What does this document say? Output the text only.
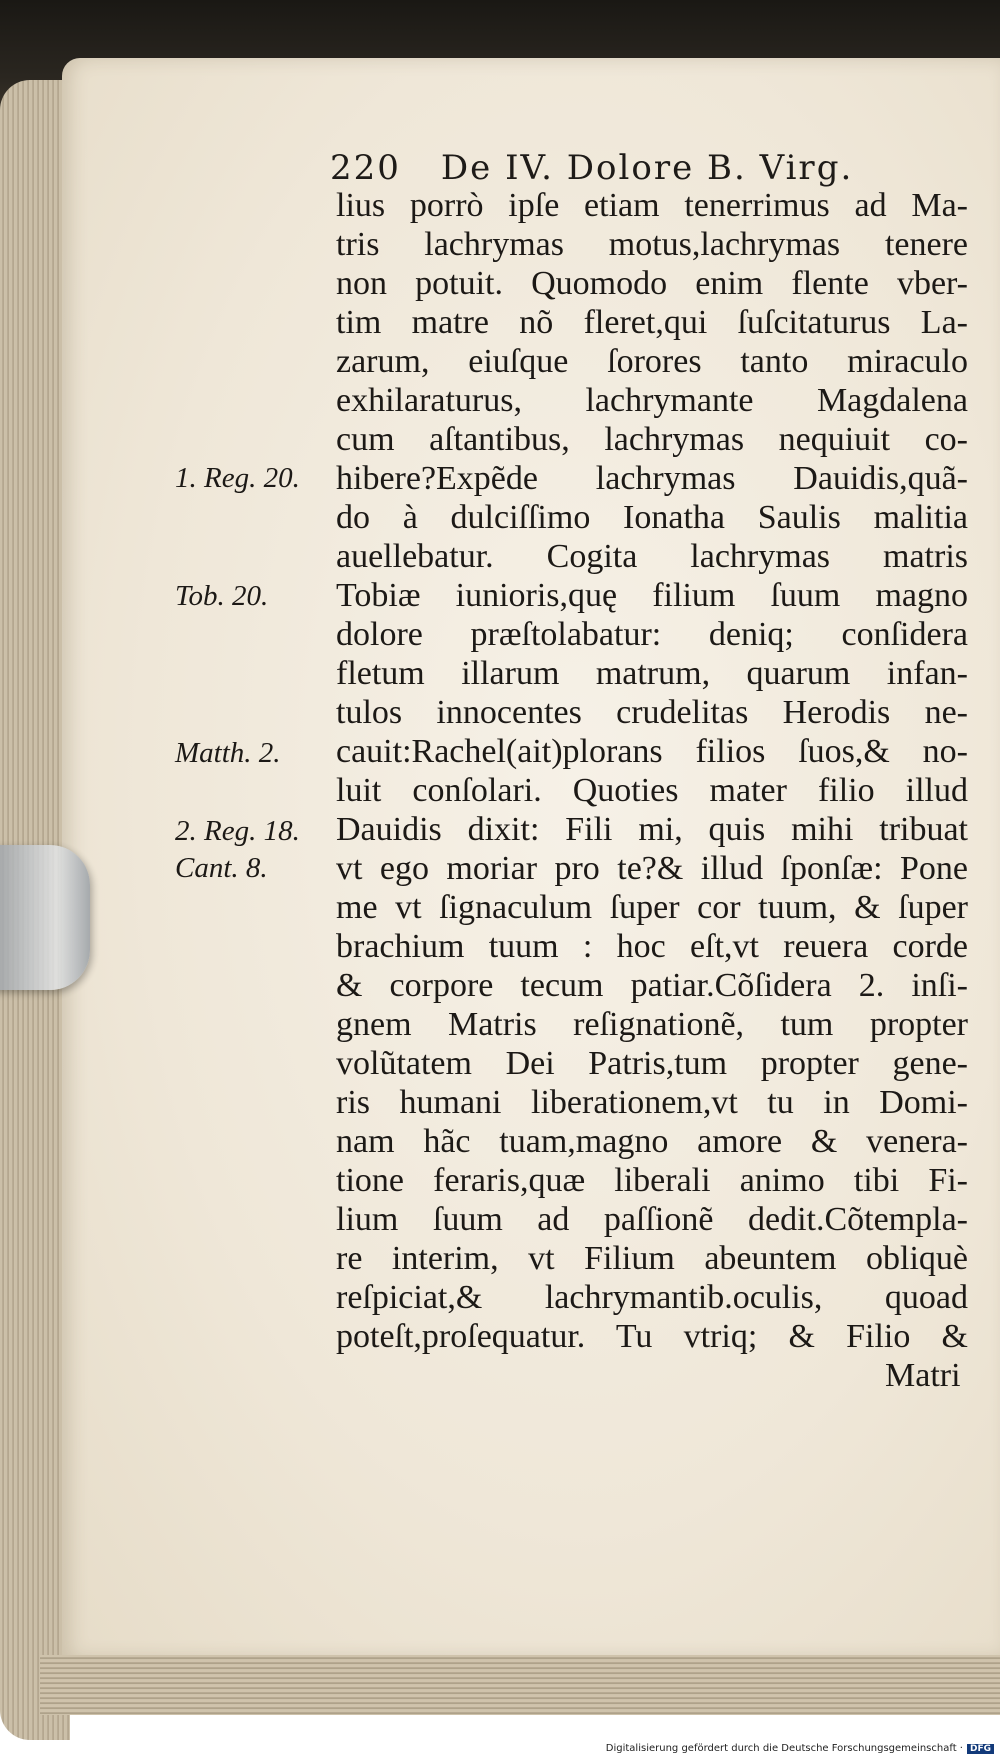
220 De IV. Dolore B. Virg.
lius porrò ipſe etiam tenerrimus ad Ma-
tris lachrymas motus,lachrymas tenere
non potuit. Quomodo enim flente vber-
tim matre nõ fleret,qui ſuſcitaturus La-
zarum, eiuſque ſorores tanto miraculo
exhilaraturus, lachrymante Magdalena
cum aſtantibus, lachrymas nequiuit co-
hibere?Expẽde lachrymas Dauidis,quã-
do à dulciſſimo Ionatha Saulis malitia
auellebatur. Cogita lachrymas matris
Tobiæ iunioris,quę filium ſuum magno
dolore præſtolabatur: deniq; conſidera
fletum illarum matrum, quarum infan-
tulos innocentes crudelitas Herodis ne-
cauit:Rachel(ait)plorans filios ſuos,& no-
luit conſolari. Quoties mater filio illud
Dauidis dixit: Fili mi, quis mihi tribuat
vt ego moriar pro te?& illud ſponſæ: Pone
me vt ſignaculum ſuper cor tuum, & ſuper
brachium tuum : hoc eſt,vt reuera corde
& corpore tecum patiar.Cõſidera 2. inſi-
gnem Matris reſignationẽ, tum propter
volũtatem Dei Patris,tum propter gene-
ris humani liberationem,vt tu in Domi-
nam hãc tuam,magno amore & venera-
tione feraris,quæ liberali animo tibi Fi-
lium ſuum ad paſſionẽ dedit.Cõtempla-
re interim, vt Filium abeuntem obliquè
reſpiciat,& lachrymantib.oculis, quoad
poteſt,proſequatur. Tu vtriq; & Filio &
Matri
1. Reg. 20.
Tob. 20.
Matth. 2.
2. Reg. 18.
Cant. 8.
Digitalisierung gefördert durch die Deutsche Forschungsgemeinschaft · DFG
